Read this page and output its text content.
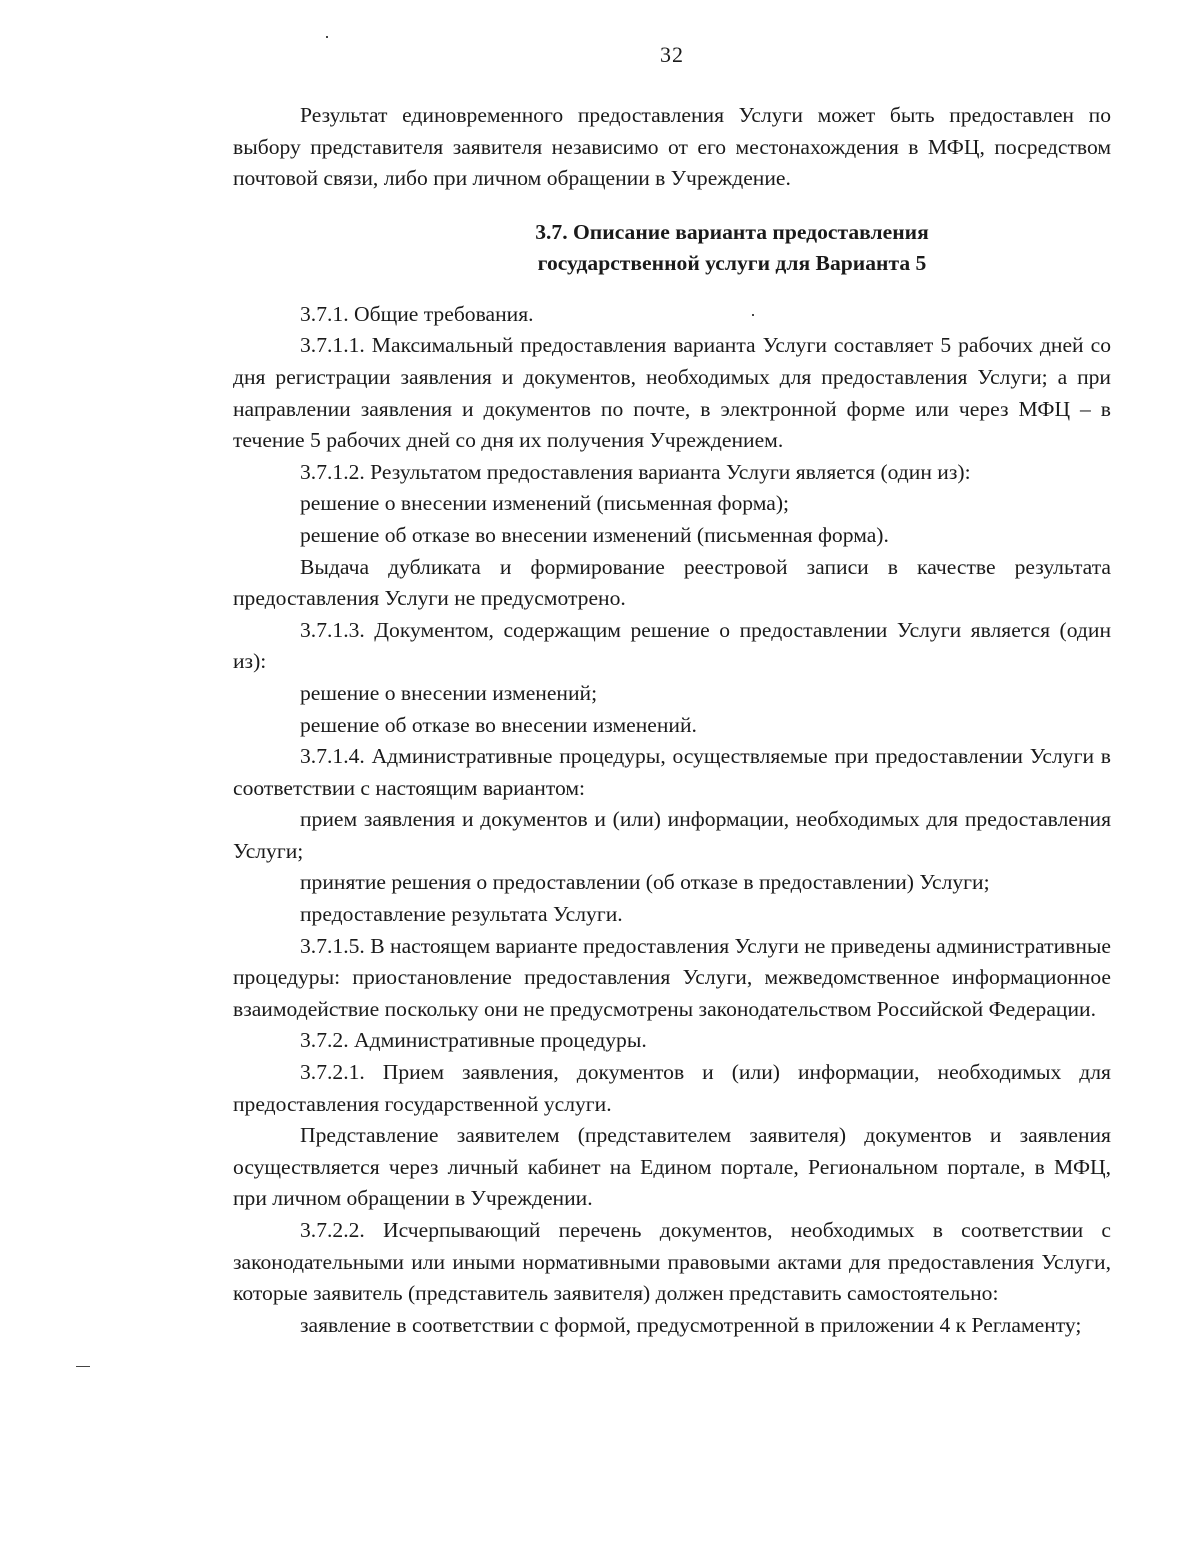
32

Результат единовременного предоставления Услуги может быть предоставлен по выбору представителя заявителя независимо от его местонахождения в МФЦ, посредством почтовой связи, либо при личном обращении в Учреждение.

3.7. Описание варианта предоставления
государственной услуги для Варианта 5

3.7.1. Общие требования.

3.7.1.1. Максимальный предоставления варианта Услуги составляет 5 рабочих дней со дня регистрации заявления и документов, необходимых для предоставления Услуги; а при направлении заявления и документов по почте, в электронной форме или через МФЦ – в течение 5 рабочих дней со дня их получения Учреждением.

3.7.1.2. Результатом предоставления варианта Услуги является (один из):

решение о внесении изменений (письменная форма);

решение об отказе во внесении изменений (письменная форма).

Выдача дубликата и формирование реестровой записи в качестве результата предоставления Услуги не предусмотрено.

3.7.1.3. Документом, содержащим решение о предоставлении Услуги является (один из):

решение о внесении изменений;

решение об отказе во внесении изменений.

3.7.1.4. Административные процедуры, осуществляемые при предоставлении Услуги в соответствии с настоящим вариантом:

прием заявления и документов и (или) информации, необходимых для предоставления Услуги;

принятие решения о предоставлении (об отказе в предоставлении) Услуги;

предоставление результата Услуги.

3.7.1.5. В настоящем варианте предоставления Услуги не приведены административные процедуры: приостановление предоставления Услуги, межведомственное информационное взаимодействие поскольку они не предусмотрены законодательством Российской Федерации.

3.7.2. Административные процедуры.

3.7.2.1. Прием заявления, документов и (или) информации, необходимых для предоставления государственной услуги.

Представление заявителем (представителем заявителя) документов и заявления осуществляется через личный кабинет на Едином портале, Региональном портале, в МФЦ, при личном обращении в Учреждении.

3.7.2.2. Исчерпывающий перечень документов, необходимых в соответствии с законодательными или иными нормативными правовыми актами для предоставления Услуги, которые заявитель (представитель заявителя) должен представить самостоятельно:

заявление в соответствии с формой, предусмотренной в приложении 4 к Регламенту;
